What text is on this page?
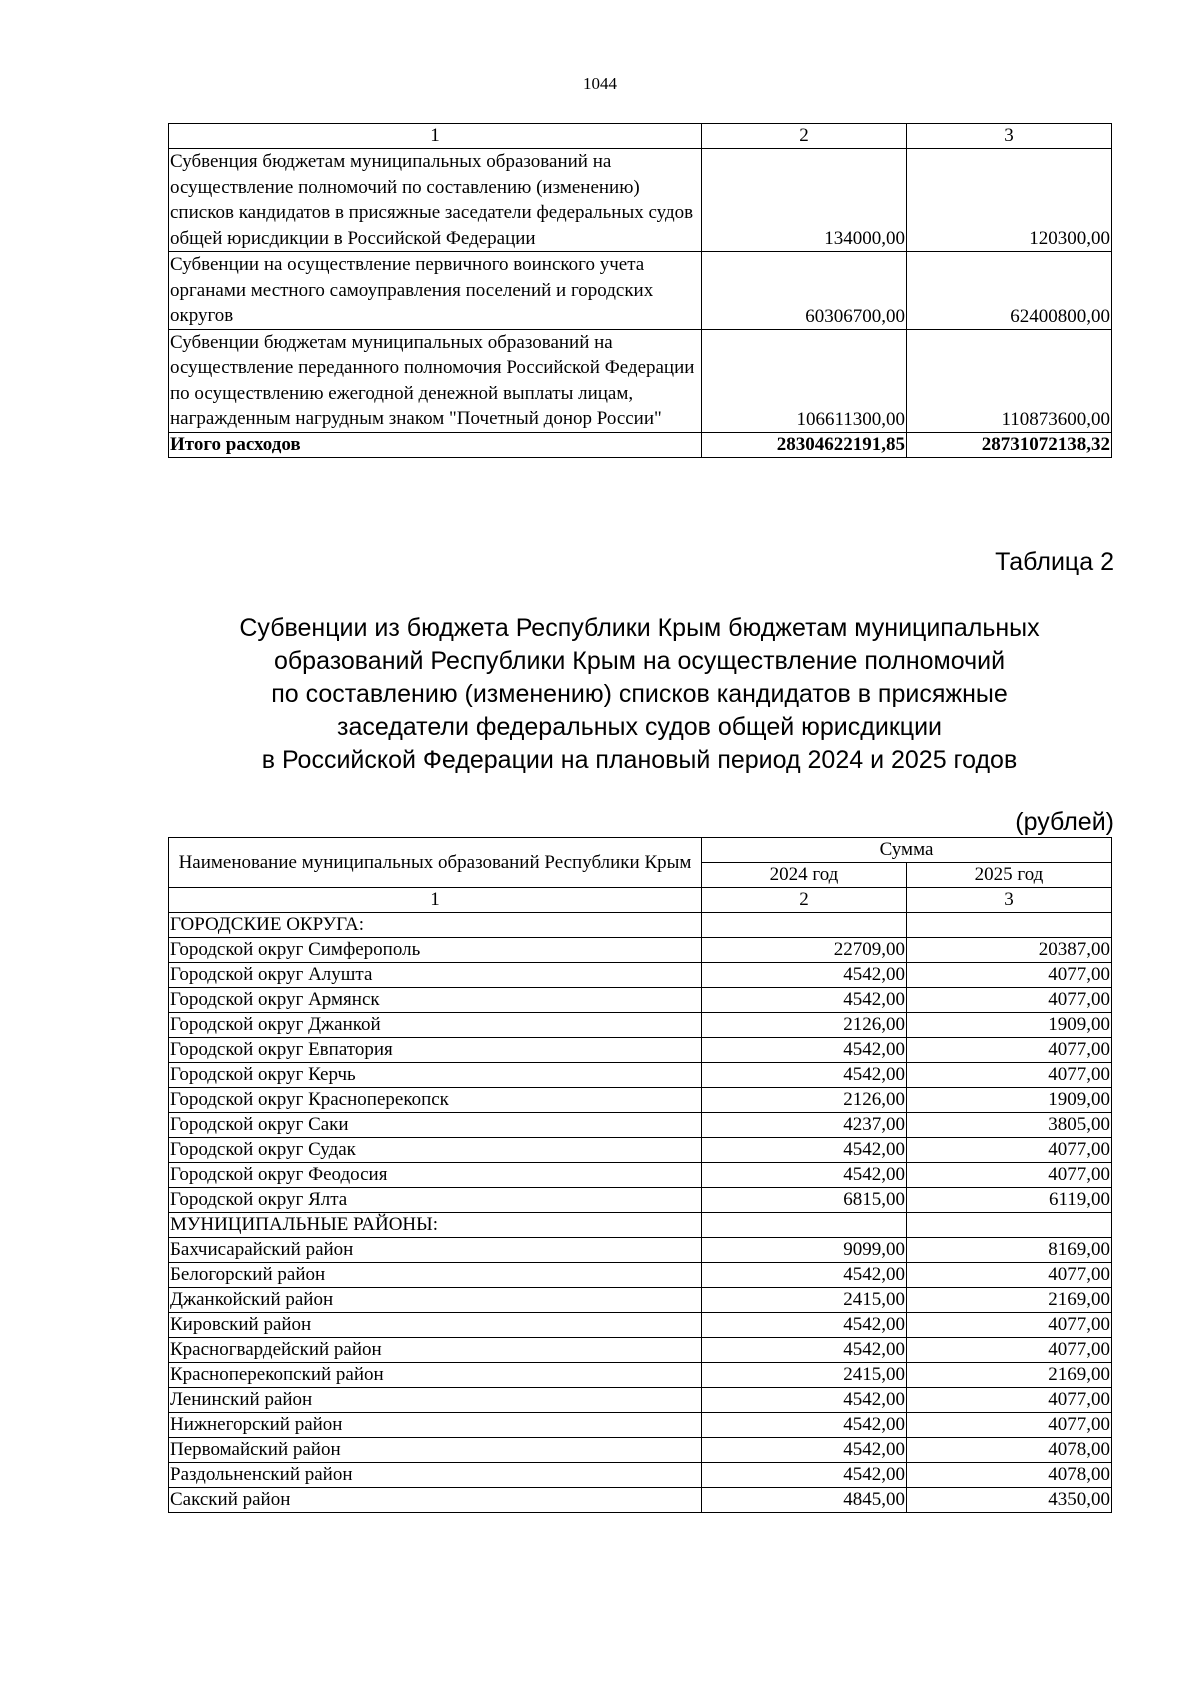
1044
1	2	3
Субвенция бюджетам муниципальных образований на осуществление полномочий по составлению (изменению) списков кандидатов в присяжные заседатели федеральных судов общей юрисдикции в Российской Федерации	134000,00	120300,00
Субвенции на осуществление первичного воинского учета органами местного самоуправления поселений и городских округов	60306700,00	62400800,00
Субвенции бюджетам муниципальных образований на осуществление переданного полномочия Российской Федерации по осуществлению ежегодной денежной выплаты лицам, награжденным нагрудным знаком "Почетный донор России"	106611300,00	110873600,00
Итого расходов	28304622191,85	28731072138,32
Таблица 2
Субвенции из бюджета Республики Крым бюджетам муниципальных
образований Республики Крым на осуществление полномочий
по составлению (изменению) списков кандидатов в присяжные
заседатели федеральных судов общей юрисдикции
в Российской Федерации на плановый период 2024 и 2025 годов
(рублей)
Наименование муниципальных образований Республики Крым	Сумма	
	2024 год	2025 год
1	2	3
ГОРОДСКИЕ ОКРУГА:		
Городской округ Симферополь	22709,00	20387,00
Городской округ Алушта	4542,00	4077,00
Городской округ Армянск	4542,00	4077,00
Городской округ Джанкой	2126,00	1909,00
Городской округ Евпатория	4542,00	4077,00
Городской округ Керчь	4542,00	4077,00
Городской округ Красноперекопск	2126,00	1909,00
Городской округ Саки	4237,00	3805,00
Городской округ Судак	4542,00	4077,00
Городской округ Феодосия	4542,00	4077,00
Городской округ Ялта	6815,00	6119,00
МУНИЦИПАЛЬНЫЕ РАЙОНЫ:		
Бахчисарайский район	9099,00	8169,00
Белогорский район	4542,00	4077,00
Джанкойский район	2415,00	2169,00
Кировский район	4542,00	4077,00
Красногвардейский район	4542,00	4077,00
Красноперекопский район	2415,00	2169,00
Ленинский район	4542,00	4077,00
Нижнегорский район	4542,00	4077,00
Первомайский район	4542,00	4078,00
Раздольненский район	4542,00	4078,00
Сакский район	4845,00	4350,00
